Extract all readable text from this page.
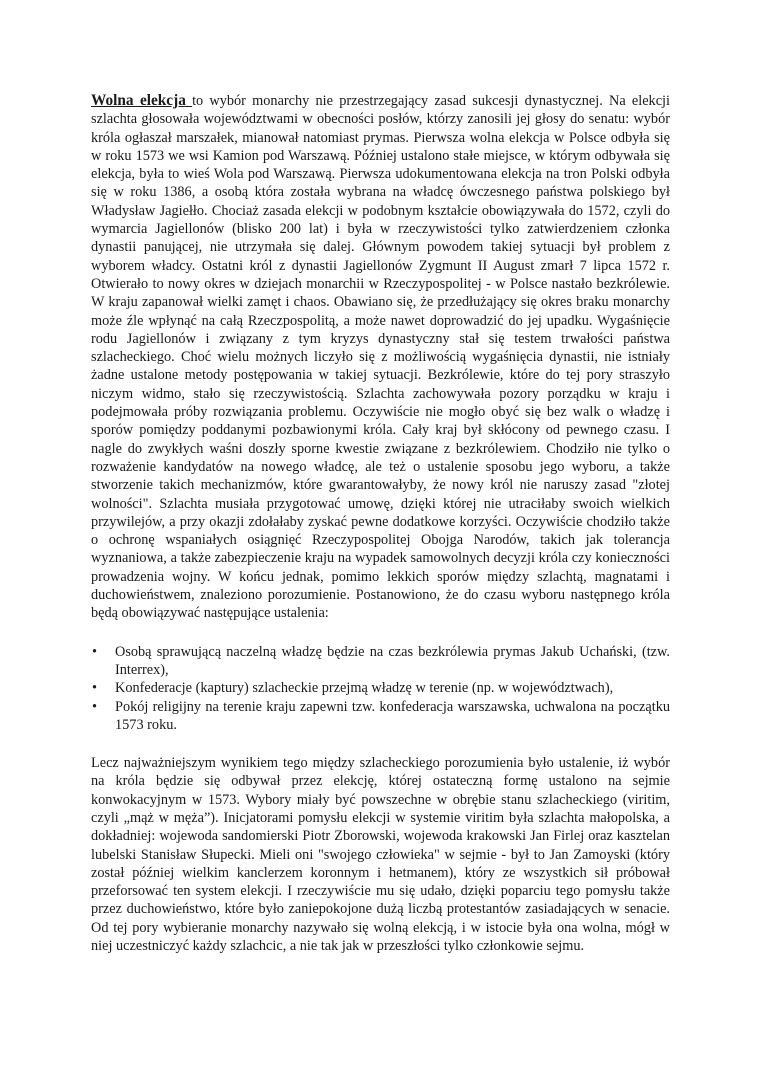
Wolna elekcja to wybór monarchy nie przestrzegający zasad sukcesji dynastycznej. Na elekcji szlachta głosowała województwami w obecności posłów, którzy zanosili jej głosy do senatu: wybór króla ogłaszał marszałek, mianował natomiast prymas. Pierwsza wolna elekcja w Polsce odbyła się w roku 1573 we wsi Kamion pod Warszawą. Później ustalono stałe miejsce, w którym odbywała się elekcja, była to wieś Wola pod Warszawą. Pierwsza udokumentowana elekcja na tron Polski odbyła się w roku 1386, a osobą która została wybrana na władcę ówczesnego państwa polskiego był Władysław Jagiełło. Chociaż zasada elekcji w podobnym kształcie obowiązywała do 1572, czyli do wymarcia Jagiellonów (blisko 200 lat) i była w rzeczywistości tylko zatwierdzeniem członka dynastii panującej, nie utrzymała się dalej. Głównym powodem takiej sytuacji był problem z wyborem władcy. Ostatni król z dynastii Jagiellonów Zygmunt II August zmarł 7 lipca 1572 r. Otwierało to nowy okres w dziejach monarchii w Rzeczypospolitej - w Polsce nastało bezkrólewie. W kraju zapanował wielki zamęt i chaos. Obawiano się, że przedłużający się okres braku monarchy może źle wpłynąć na całą Rzeczpospolitą, a może nawet doprowadzić do jej upadku. Wygaśnięcie rodu Jagiellonów i związany z tym kryzys dynastyczny stał się testem trwałości państwa szlacheckiego. Choć wielu możnych liczyło się z możliwością wygaśnięcia dynastii, nie istniały żadne ustalone metody postępowania w takiej sytuacji. Bezkrólewie, które do tej pory straszyło niczym widmo, stało się rzeczywistością. Szlachta zachowywała pozory porządku w kraju i podejmowała próby rozwiązania problemu. Oczywiście nie mogło obyć się bez walk o władzę i sporów pomiędzy poddanymi pozbawionymi króla. Cały kraj był skłócony od pewnego czasu. I nagle do zwykłych waśni doszły sporne kwestie związane z bezkrólewiem. Chodziło nie tylko o rozważenie kandydatów na nowego władcę, ale też o ustalenie sposobu jego wyboru, a także stworzenie takich mechanizmów, które gwarantowałyby, że nowy król nie naruszy zasad "złotej wolności". Szlachta musiała przygotować umowę, dzięki której nie utraciłaby swoich wielkich przywilejów, a przy okazji zdołałaby zyskać pewne dodatkowe korzyści. Oczywiście chodziło także o ochronę wspaniałych osiągnięć Rzeczypospolitej Obojga Narodów, takich jak tolerancja wyznaniowa, a także zabezpieczenie kraju na wypadek samowolnych decyzji króla czy konieczności prowadzenia wojny. W końcu jednak, pomimo lekkich sporów między szlachtą, magnatami i duchowieństwem, znaleziono porozumienie. Postanowiono, że do czasu wyboru następnego króla będą obowiązywać następujące ustalenia:

• Osobą sprawującą naczelną władzę będzie na czas bezkrólewia prymas Jakub Uchański, (tzw. Interrex),
• Konfederacje (kaptury) szlacheckie przejmą władzę w terenie (np. w województwach),
• Pokój religijny na terenie kraju zapewni tzw. konfederacja warszawska, uchwalona na początku 1573 roku.

Lecz najważniejszym wynikiem tego między szlacheckiego porozumienia było ustalenie, iż wybór na króla będzie się odbywał przez elekcję, której ostateczną formę ustalono na sejmie konwokacyjnym w 1573. Wybory miały być powszechne w obrębie stanu szlacheckiego (viritim, czyli „mąż w męża”). Inicjatorami pomysłu elekcji w systemie viritim była szlachta małopolska, a dokładniej: wojewoda sandomierski Piotr Zborowski, wojewoda krakowski Jan Firlej oraz kasztelan lubelski Stanisław Słupecki. Mieli oni "swojego człowieka" w sejmie - był to Jan Zamoyski (który został później wielkim kanclerzem koronnym i hetmanem), który ze wszystkich sił próbował przeforsować ten system elekcji. I rzeczywiście mu się udało, dzięki poparciu tego pomysłu także przez duchowieństwo, które było zaniepokojone dużą liczbą protestantów zasiadających w senacie. Od tej pory wybieranie monarchy nazywało się wolną elekcją, i w istocie była ona wolna, mógł w niej uczestniczyć każdy szlachcic, a nie tak jak w przeszłości tylko członkowie sejmu.
